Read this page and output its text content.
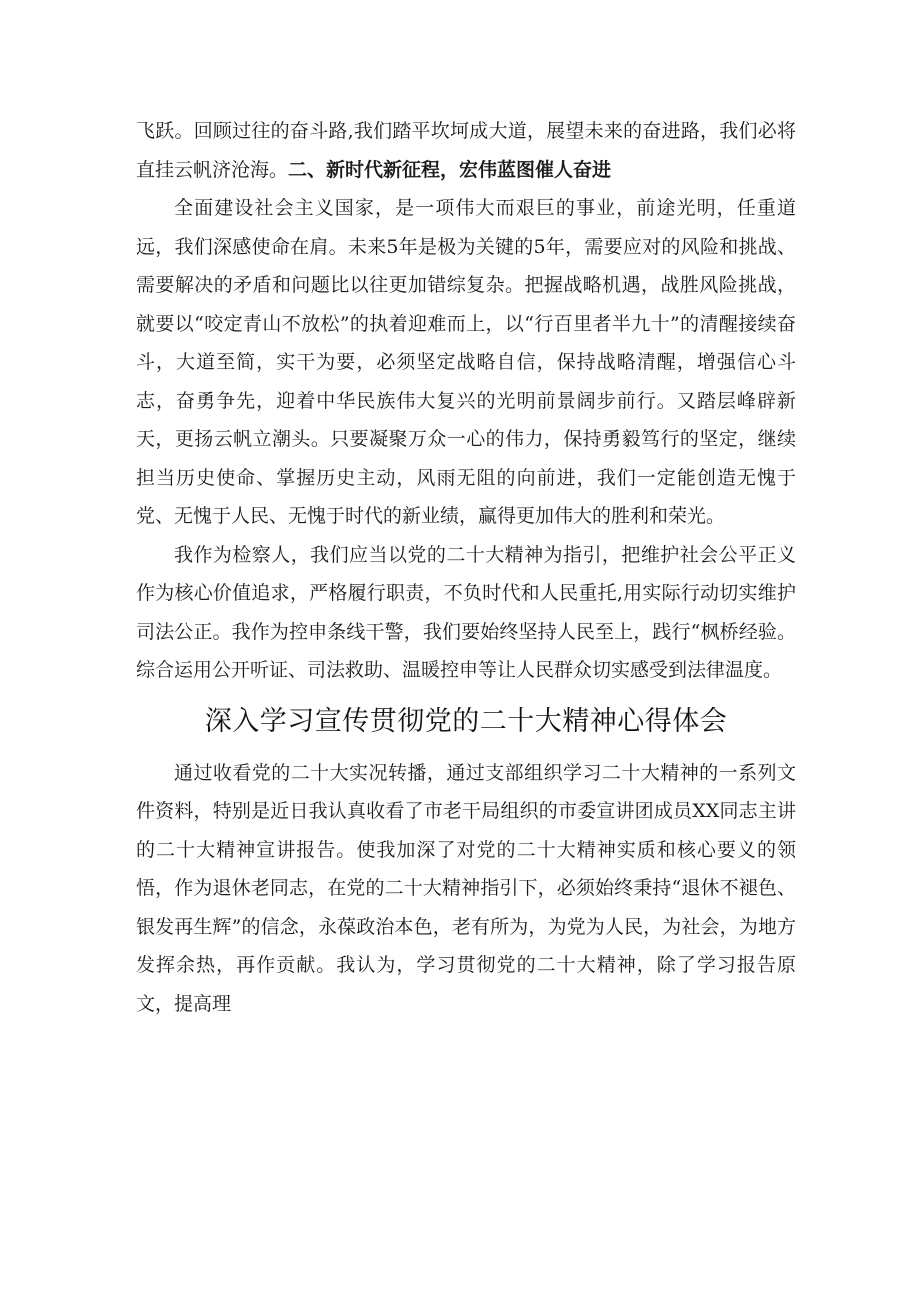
飞跃。回顾过往的奋斗路,我们踏平坎坷成大道，展望未来的奋进路，我们必将直挂云帆济沧海。二、新时代新征程，宏伟蓝图催人奋进

全面建设社会主义国家，是一项伟大而艰巨的事业，前途光明，任重道远，我们深感使命在肩。未来5年是极为关键的5年，需要应对的风险和挑战、需要解决的矛盾和问题比以往更加错综复杂。把握战略机遇，战胜风险挑战，就要以“咬定青山不放松”的执着迎难而上，以“行百里者半九十”的清醒接续奋斗，大道至简，实干为要，必须坚定战略自信，保持战略清醒，增强信心斗志，奋勇争先，迎着中华民族伟大复兴的光明前景阔步前行。又踏层峰辟新天，更扬云帆立潮头。只要凝聚万众一心的伟力，保持勇毅笃行的坚定，继续担当历史使命、掌握历史主动，风雨无阻的向前进，我们一定能创造无愧于党、无愧于人民、无愧于时代的新业绩，赢得更加伟大的胜利和荣光。

我作为检察人，我们应当以党的二十大精神为指引，把维护社会公平正义作为核心价值追求，严格履行职责，不负时代和人民重托,用实际行动切实维护司法公正。我作为控申条线干警，我们要始终坚持人民至上，践行“枫桥经验。综合运用公开听证、司法救助、温暖控申等让人民群众切实感受到法律温度。

深入学习宣传贯彻党的二十大精神心得体会

通过收看党的二十大实况转播，通过支部组织学习二十大精神的一系列文件资料，特别是近日我认真收看了市老干局组织的市委宣讲团成员XX同志主讲的二十大精神宣讲报告。使我加深了对党的二十大精神实质和核心要义的领悟，作为退休老同志，在党的二十大精神指引下，必须始终秉持“退休不褪色、银发再生辉”的信念，永葆政治本色，老有所为，为党为人民，为社会，为地方发挥余热，再作贡献。我认为，学习贯彻党的二十大精神，除了学习报告原文，提高理
